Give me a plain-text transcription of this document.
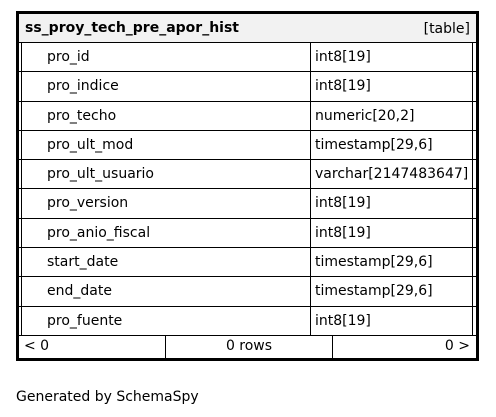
ss_proy_tech_pre_apor_hist	[table]
pro_id	int8[19]
pro_indice	int8[19]
pro_techo	numeric[20,2]
pro_ult_mod	timestamp[29,6]
pro_ult_usuario	varchar[2147483647]
pro_version	int8[19]
pro_anio_fiscal	int8[19]
start_date	timestamp[29,6]
end_date	timestamp[29,6]
pro_fuente	int8[19]
< 0	0 rows	0 >
Generated by SchemaSpy
